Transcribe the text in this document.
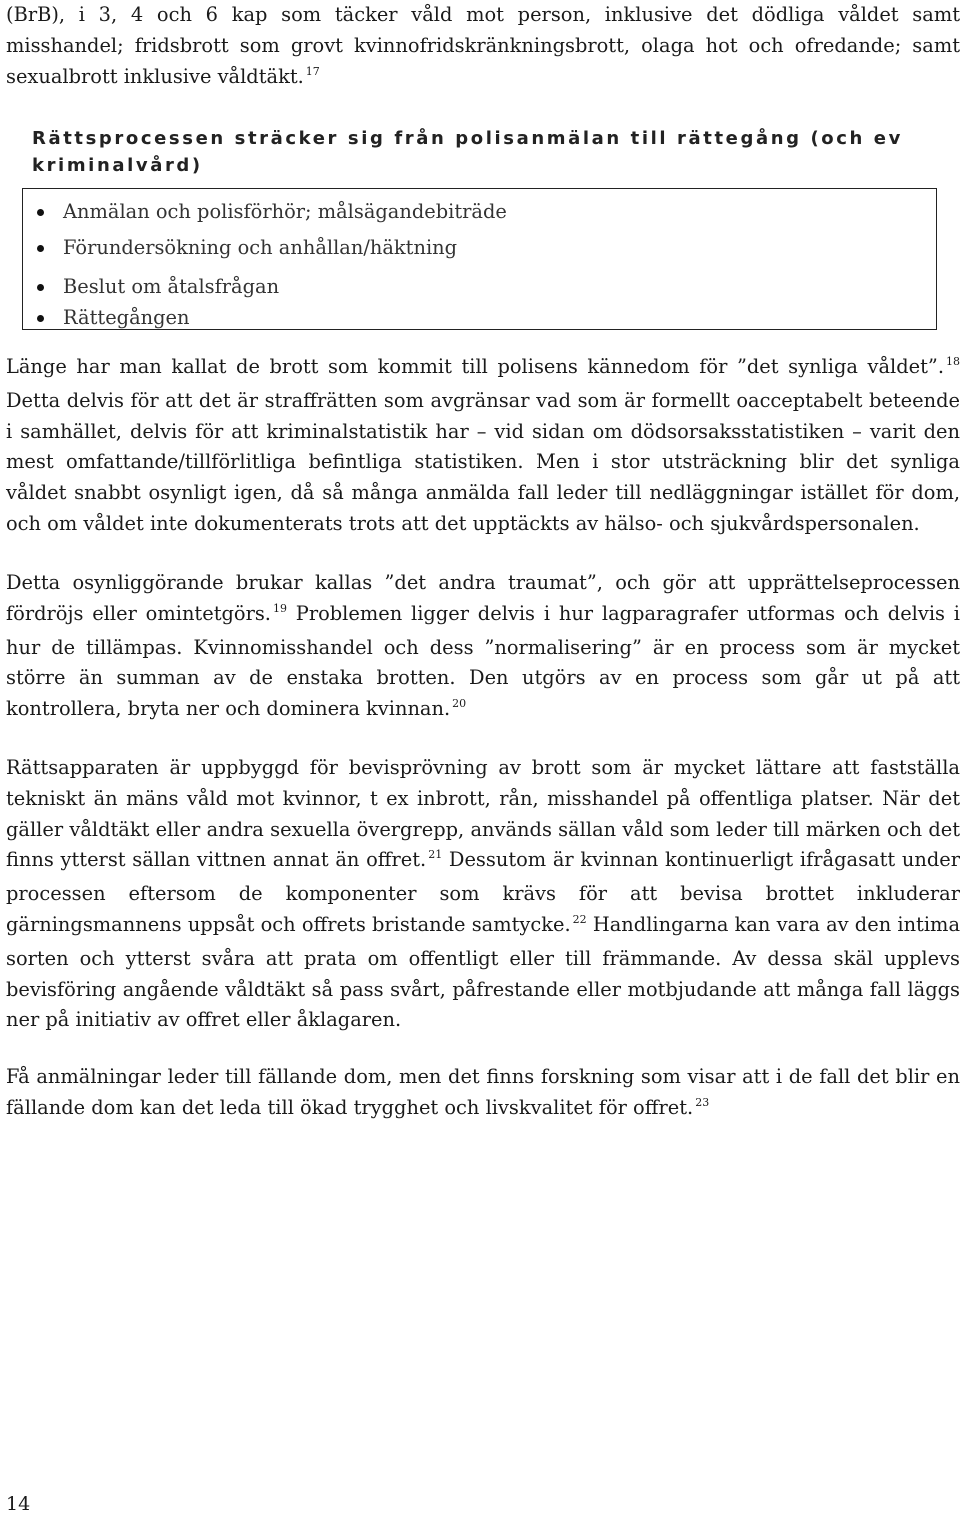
(BrB), i 3, 4 och 6 kap som täcker våld mot person, inklusive det dödliga våldet samt misshandel; fridsbrott som grovt kvinnofridskränkningsbrott, olaga hot och ofredande; samt sexualbrott inklusive våldtäkt. $^{17}$

Rättsprocessen sträcker sig från polisanmälan till rättegång (och ev kriminalvård)

Anmälan och polisförhör; målsägandebiträde
Förundersökning och anhållan/häktning
Beslut om åtalsfrågan
Rättegången

Länge har man kallat de brott som kommit till polisens kännedom för ”det synliga våldet”. $^{18}$ Detta delvis för att det är straffrätten som avgränsar vad som är formellt oacceptabelt beteende i samhället, delvis för att kriminalstatistik har – vid sidan om dödsorsaksstatistiken – varit den mest omfattande/tillförlitliga befintliga statistiken. Men i stor utsträckning blir det synliga våldet snabbt osynligt igen, då så många anmälda fall leder till nedläggningar istället för dom, och om våldet inte dokumenterats trots att det upptäckts av hälso- och sjukvårdspersonalen.

Detta osynliggörande brukar kallas ”det andra traumat”, och gör att upprättelseprocessen fördröjs eller omintetgörs. $^{19}$ Problemen ligger delvis i hur lagparagrafer utformas och delvis i hur de tillämpas. Kvinnomisshandel och dess ”normalisering” är en process som är mycket större än summan av de enstaka brotten. Den utgörs av en process som går ut på att kontrollera, bryta ner och dominera kvinnan. $^{20}$

Rättsapparaten är uppbyggd för bevisprövning av brott som är mycket lättare att fastställa tekniskt än mäns våld mot kvinnor, t ex inbrott, rån, misshandel på offentliga platser. När det gäller våldtäkt eller andra sexuella övergrepp, används sällan våld som leder till märken och det finns ytterst sällan vittnen annat än offret. $^{21}$ Dessutom är kvinnan kontinuerligt ifrågasatt under processen eftersom de komponenter som krävs för att bevisa brottet inkluderar gärningsmannens uppsåt och offrets bristande samtycke. $^{22}$ Handlingarna kan vara av den intima sorten och ytterst svåra att prata om offentligt eller till främmande. Av dessa skäl upplevs bevisföring angående våldtäkt så pass svårt, påfrestande eller motbjudande att många fall läggs ner på initiativ av offret eller åklagaren.

Få anmälningar leder till fällande dom, men det finns forskning som visar att i de fall det blir en fällande dom kan det leda till ökad trygghet och livskvalitet för offret. $^{23}$

14
